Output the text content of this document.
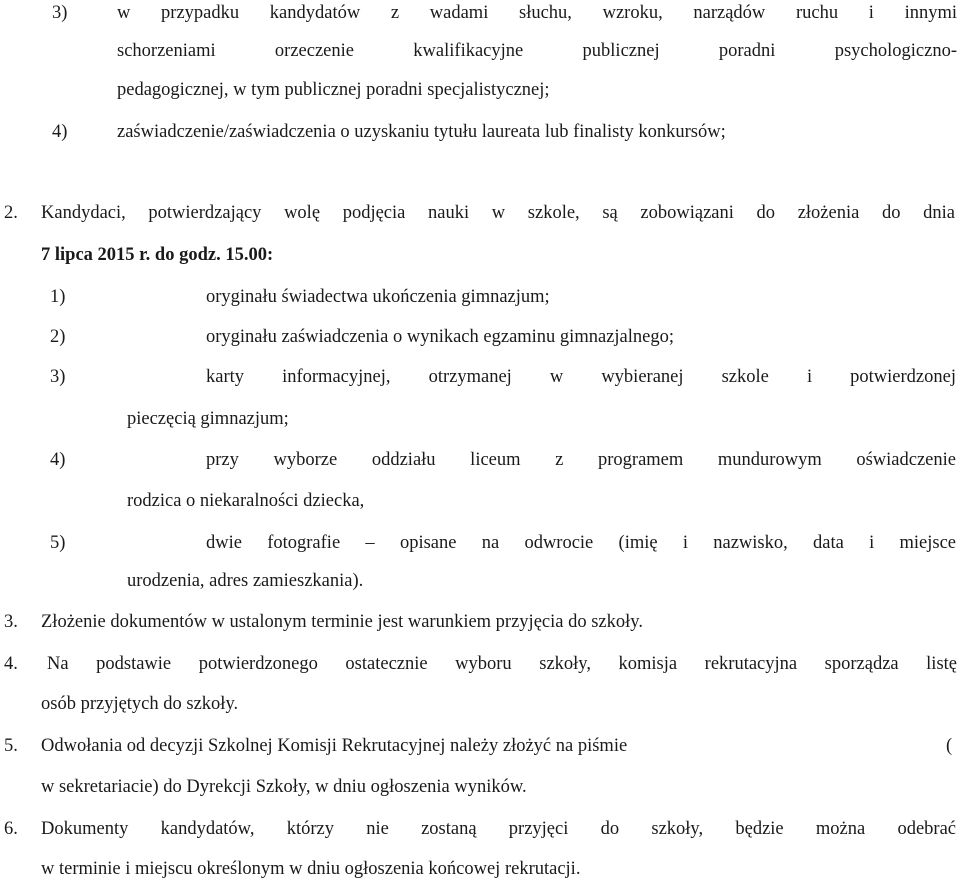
3)	w przypadku kandydatów z wadami słuchu, wzroku, narządów ruchu i innymi
schorzeniami orzeczenie kwalifikacyjne publicznej poradni psychologiczno-
pedagogicznej, w tym publicznej poradni specjalistycznej;
4)	zaświadczenie/zaświadczenia o uzyskaniu tytułu laureata lub finalisty konkursów;
2. Kandydaci, potwierdzający wolę podjęcia nauki w szkole, są zobowiązani do złożenia do dnia
7 lipca 2015 r. do godz. 15.00:
1)	oryginału świadectwa ukończenia gimnazjum;
2)	oryginału zaświadczenia o wynikach egzaminu gimnazjalnego;
3)	karty informacyjnej, otrzymanej w wybieranej szkole i potwierdzonej
pieczęcią gimnazjum;
4)	przy wyborze oddziału liceum z programem mundurowym oświadczenie
rodzica o niekaralności dziecka,
5)	dwie fotografie – opisane na odwrocie (imię i nazwisko, data i miejsce
urodzenia, adres zamieszkania).
3. Złożenie dokumentów w ustalonym terminie jest warunkiem przyjęcia do szkoły.
4. Na podstawie potwierdzonego ostatecznie wyboru szkoły, komisja rekrutacyjna sporządza listę
osób przyjętych do szkoły.
5. Odwołania od decyzji Szkolnej Komisji Rekrutacyjnej należy złożyć na piśmie	(
w sekretariacie) do Dyrekcji Szkoły, w dniu ogłoszenia wyników.
6. Dokumenty kandydatów, którzy nie zostaną przyjęci do szkoły, będzie można odebrać
w terminie i miejscu określonym w dniu ogłoszenia końcowej rekrutacji.
